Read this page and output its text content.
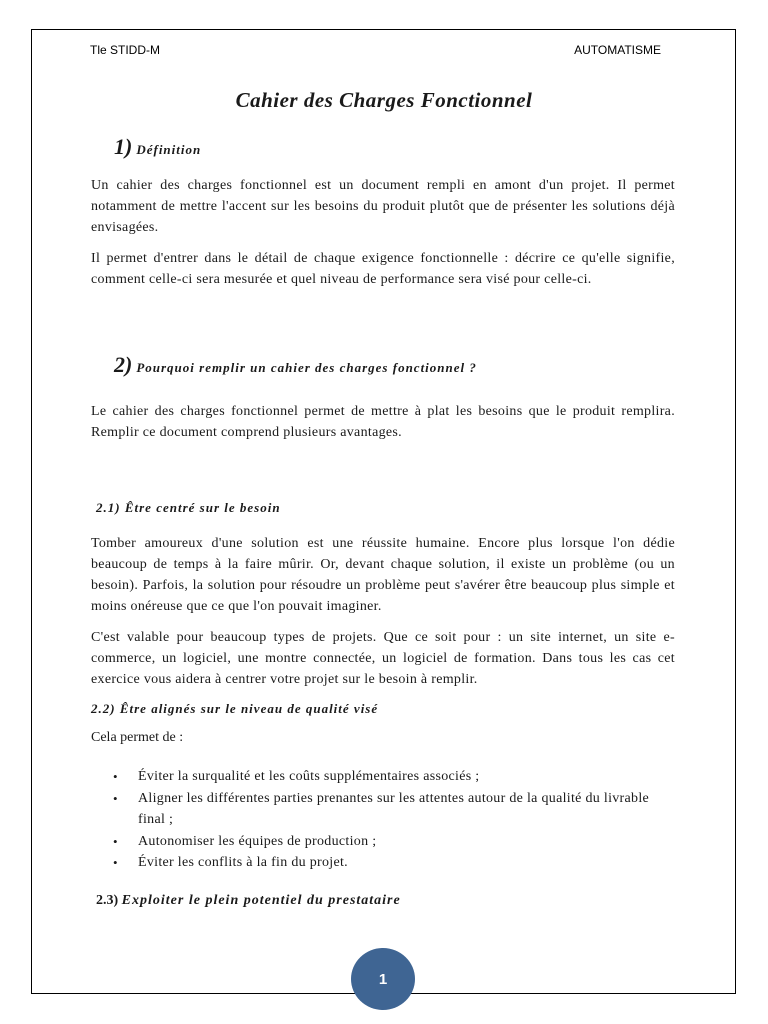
Tle STIDD-M	AUTOMATISME
Cahier des Charges Fonctionnel
1) Définition

Un cahier des charges fonctionnel est un document rempli en amont d'un projet. Il permet notamment de mettre l'accent sur les besoins du produit plutôt que de présenter les solutions déjà envisagées.

Il permet d'entrer dans le détail de chaque exigence fonctionnelle : décrire ce qu'elle signifie, comment celle-ci sera mesurée et quel niveau de performance sera visé pour celle-ci.

2) Pourquoi remplir un cahier des charges fonctionnel ?

Le cahier des charges fonctionnel permet de mettre à plat les besoins que le produit remplira. Remplir ce document comprend plusieurs avantages.

2.1) Être centré sur le besoin

Tomber amoureux d'une solution est une réussite humaine. Encore plus lorsque l'on dédie beaucoup de temps à la faire mûrir. Or, devant chaque solution, il existe un problème (ou un besoin). Parfois, la solution pour résoudre un problème peut s'avérer être beaucoup plus simple et moins onéreuse que ce que l'on pouvait imaginer.

C'est valable pour beaucoup types de projets. Que ce soit pour : un site internet, un site e-commerce, un logiciel, une montre connectée, un logiciel de formation. Dans tous les cas cet exercice vous aidera à centrer votre projet sur le besoin à remplir.

2.2) Être alignés sur le niveau de qualité visé
Cela permet de :
• Éviter la surqualité et les coûts supplémentaires associés ;
• Aligner les différentes parties prenantes sur les attentes autour de la qualité du livrable final ;
• Autonomiser les équipes de production ;
• Éviter les conflits à la fin du projet.
2.3) Exploiter le plein potentiel du prestataire
1
